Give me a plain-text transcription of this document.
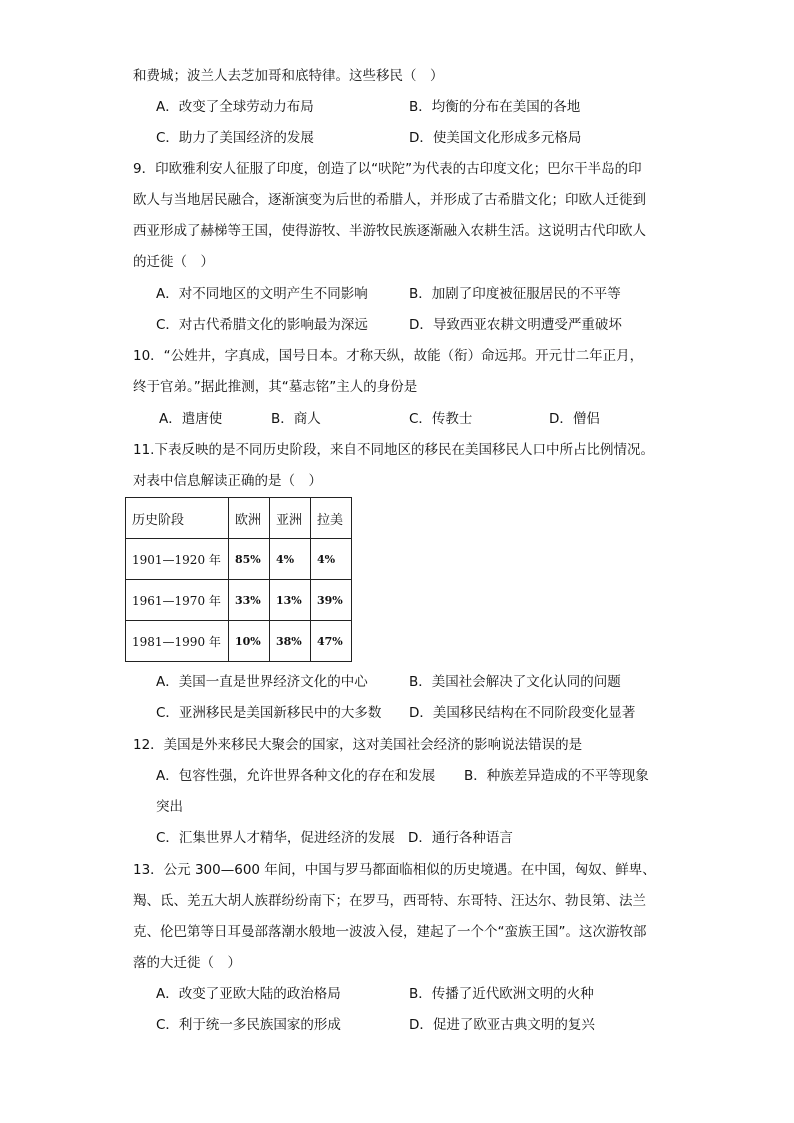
和费城；波兰人去芝加哥和底特律。这些移民（　）
A．改变了全球劳动力布局	B．均衡的分布在美国的各地
C．助力了美国经济的发展	D．使美国文化形成多元格局
9．印欧雅利安人征服了印度，创造了以“吠陀”为代表的古印度文化；巴尔干半岛的印
欧人与当地居民融合，逐渐演变为后世的希腊人，并形成了古希腊文化；印欧人迁徙到
西亚形成了赫梯等王国，使得游牧、半游牧民族逐渐融入农耕生活。这说明古代印欧人
的迁徙（　）
A．对不同地区的文明产生不同影响	B．加剧了印度被征服居民的不平等
C．对古代希腊文化的影响最为深远	D．导致西亚农耕文明遭受严重破坏
10．“公姓井，字真成，国号日本。才称天纵，故能（衔）命远邦。开元廿二年正月，
终于官弟。”据此推测，其“墓志铭”主人的身份是
A．遣唐使	B．商人	C．传教士	D．僧侣
11.下表反映的是不同历史阶段，来自不同地区的移民在美国移民人口中所占比例情况。
对表中信息解读正确的是（　）
历史阶段	欧洲	亚洲	拉美
1901—1920 年	85%	4%	4%
1961—1970 年	33%	13%	39%
1981—1990 年	10%	38%	47%
A．美国一直是世界经济文化的中心	B．美国社会解决了文化认同的问题
C．亚洲移民是美国新移民中的大多数 D．美国移民结构在不同阶段变化显著
12．美国是外来移民大聚会的国家，这对美国社会经济的影响说法错误的是
A．包容性强，允许世界各种文化的存在和发展 B．种族差异造成的不平等现象
突出
C．汇集世界人才精华，促进经济的发展 D．通行各种语言
13．公元 300—600 年间，中国与罗马都面临相似的历史境遇。在中国，匈奴、鲜卑、
羯、氐、羌五大胡人族群纷纷南下；在罗马，西哥特、东哥特、汪达尔、勃艮第、法兰
克、伦巴第等日耳曼部落潮水般地一波波入侵，建起了一个个“蛮族王国”。这次游牧部
落的大迁徙（　）
A．改变了亚欧大陆的政治格局	B．传播了近代欧洲文明的火种
C．利于统一多民族国家的形成	D．促进了欧亚古典文明的复兴
